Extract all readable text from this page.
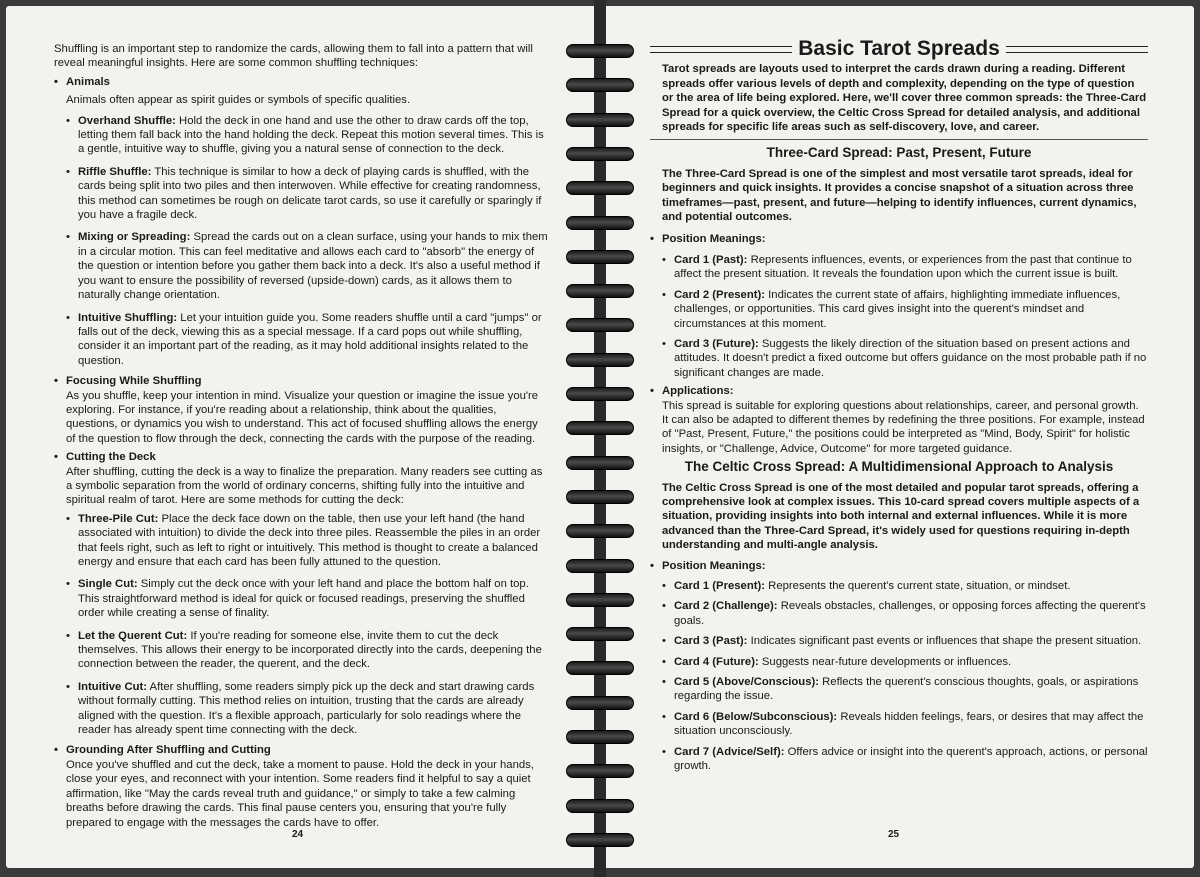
Shuffling is an important step to randomize the cards, allowing them to fall into a pattern that will reveal meaningful insights. Here are some common shuffling techniques:

• Animals

Animals often appear as spirit guides or symbols of specific qualities.

• Overhand Shuffle: Hold the deck in one hand and use the other to draw cards off the top, letting them fall back into the hand holding the deck. Repeat this motion several times. This is a gentle, intuitive way to shuffle, giving you a natural sense of connection to the deck.

• Riffle Shuffle: This technique is similar to how a deck of playing cards is shuffled, with the cards being split into two piles and then interwoven. While effective for creating randomness, this method can sometimes be rough on delicate tarot cards, so use it carefully or sparingly if you have a fragile deck.

• Mixing or Spreading: Spread the cards out on a clean surface, using your hands to mix them in a circular motion. This can feel meditative and allows each card to "absorb" the energy of the question or intention before you gather them back into a deck. It's also a useful method if you want to ensure the possibility of reversed (upside-down) cards, as it allows them to naturally change orientation.

• Intuitive Shuffling: Let your intuition guide you. Some readers shuffle until a card "jumps" or falls out of the deck, viewing this as a special message. If a card pops out while shuffling, consider it an important part of the reading, as it may hold additional insights related to the question.

• Focusing While Shuffling

As you shuffle, keep your intention in mind. Visualize your question or imagine the issue you're exploring. For instance, if you're reading about a relationship, think about the qualities, questions, or dynamics you wish to understand. This act of focused shuffling allows the energy of the question to flow through the deck, connecting the cards with the purpose of the reading.

• Cutting the Deck

After shuffling, cutting the deck is a way to finalize the preparation. Many readers see cutting as a symbolic separation from the world of ordinary concerns, shifting fully into the intuitive and spiritual realm of tarot. Here are some methods for cutting the deck:

• Three-Pile Cut: Place the deck face down on the table, then use your left hand (the hand associated with intuition) to divide the deck into three piles. Reassemble the piles in an order that feels right, such as left to right or intuitively. This method is thought to create a balanced energy and ensure that each card has been fully attuned to the question.

• Single Cut: Simply cut the deck once with your left hand and place the bottom half on top. This straightforward method is ideal for quick or focused readings, preserving the shuffled order while creating a sense of finality.

• Let the Querent Cut: If you're reading for someone else, invite them to cut the deck themselves. This allows their energy to be incorporated directly into the cards, deepening the connection between the reader, the querent, and the deck.

• Intuitive Cut: After shuffling, some readers simply pick up the deck and start drawing cards without formally cutting. This method relies on intuition, trusting that the cards are already aligned with the question. It's a flexible approach, particularly for solo readings where the reader has already spent time connecting with the deck.

• Grounding After Shuffling and Cutting

Once you've shuffled and cut the deck, take a moment to pause. Hold the deck in your hands, close your eyes, and reconnect with your intention. Some readers find it helpful to say a quiet affirmation, like "May the cards reveal truth and guidance," or simply to take a few calming breaths before drawing the cards. This final pause centers you, ensuring that you're fully prepared to engage with the messages the cards have to offer.

24
Basic Tarot Spreads

Tarot spreads are layouts used to interpret the cards drawn during a reading. Different spreads offer various levels of depth and complexity, depending on the type of question or the area of life being explored. Here, we'll cover three common spreads: the Three-Card Spread for a quick overview, the Celtic Cross Spread for detailed analysis, and additional spreads for specific life areas such as self-discovery, love, and career.

Three-Card Spread: Past, Present, Future

The Three-Card Spread is one of the simplest and most versatile tarot spreads, ideal for beginners and quick insights. It provides a concise snapshot of a situation across three timeframes—past, present, and future—helping to identify influences, current dynamics, and potential outcomes.

• Position Meanings:

• Card 1 (Past): Represents influences, events, or experiences from the past that continue to affect the present situation. It reveals the foundation upon which the current issue is built.

• Card 2 (Present): Indicates the current state of affairs, highlighting immediate influences, challenges, or opportunities. This card gives insight into the querent's mindset and circumstances at this moment.

• Card 3 (Future): Suggests the likely direction of the situation based on present actions and attitudes. It doesn't predict a fixed outcome but offers guidance on the most probable path if no significant changes are made.

• Applications:

This spread is suitable for exploring questions about relationships, career, and personal growth. It can also be adapted to different themes by redefining the three positions. For example, instead of "Past, Present, Future," the positions could be interpreted as "Mind, Body, Spirit" for holistic insights, or "Challenge, Advice, Outcome" for more targeted guidance.

The Celtic Cross Spread: A Multidimensional Approach to Analysis

The Celtic Cross Spread is one of the most detailed and popular tarot spreads, offering a comprehensive look at complex issues. This 10-card spread covers multiple aspects of a situation, providing insights into both internal and external influences. While it is more advanced than the Three-Card Spread, it's widely used for questions requiring in-depth understanding and multi-angle analysis.

• Position Meanings:

• Card 1 (Present): Represents the querent's current state, situation, or mindset.

• Card 2 (Challenge): Reveals obstacles, challenges, or opposing forces affecting the querent's goals.

• Card 3 (Past): Indicates significant past events or influences that shape the present situation.

• Card 4 (Future): Suggests near-future developments or influences.

• Card 5 (Above/Conscious): Reflects the querent's conscious thoughts, goals, or aspirations regarding the issue.

• Card 6 (Below/Subconscious): Reveals hidden feelings, fears, or desires that may affect the situation unconsciously.

• Card 7 (Advice/Self): Offers advice or insight into the querent's approach, actions, or personal growth.

25
